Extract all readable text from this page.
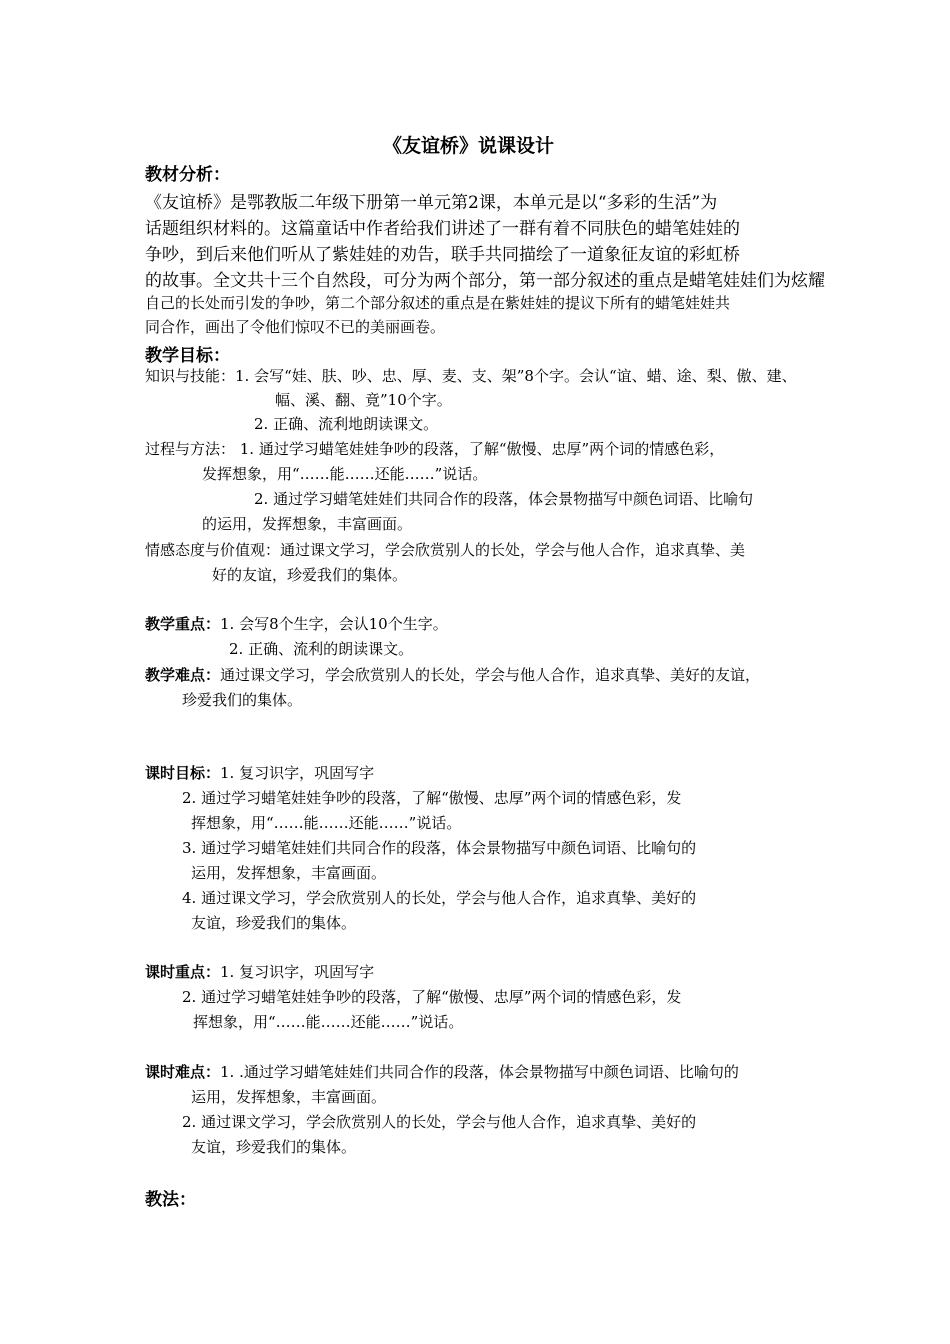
《友谊桥》说课设计
教材分析：
《友谊桥》是鄂教版二年级下册第一单元第2课，本单元是以“多彩的生活”为
话题组织材料的。这篇童话中作者给我们讲述了一群有着不同肤色的蜡笔娃娃的
争吵，到后来他们听从了紫娃娃的劝告，联手共同描绘了一道象征友谊的彩虹桥
的故事。全文共十三个自然段，可分为两个部分，第一部分叙述的重点是蜡笔娃娃们为炫耀
自己的长处而引发的争吵，第二个部分叙述的重点是在紫娃娃的提议下所有的蜡笔娃娃共
同合作，画出了令他们惊叹不已的美丽画卷。
教学目标：
知识与技能：1. 会写“娃、肤、吵、忠、厚、麦、支、架”8个字。会认“谊、蜡、途、梨、傲、建、
幅、溪、翻、竟”10个字。
2. 正确、流利地朗读课文。
过程与方法： 1. 通过学习蜡笔娃娃争吵的段落，了解“傲慢、忠厚”两个词的情感色彩，
发挥想象，用“……能……还能……”说话。
2. 通过学习蜡笔娃娃们共同合作的段落，体会景物描写中颜色词语、比喻句
的运用，发挥想象，丰富画面。
情感态度与价值观：通过课文学习，学会欣赏别人的长处，学会与他人合作，追求真挚、美
好的友谊，珍爱我们的集体。
教学重点：1. 会写8个生字，会认10个生字。
2. 正确、流利的朗读课文。
教学难点：通过课文学习，学会欣赏别人的长处，学会与他人合作，追求真挚、美好的友谊，
珍爱我们的集体。
课时目标：1. 复习识字，巩固写字
2. 通过学习蜡笔娃娃争吵的段落，了解“傲慢、忠厚”两个词的情感色彩，发
挥想象，用“……能……还能……”说话。
3. 通过学习蜡笔娃娃们共同合作的段落，体会景物描写中颜色词语、比喻句的
运用，发挥想象，丰富画面。
4. 通过课文学习，学会欣赏别人的长处，学会与他人合作，追求真挚、美好的
友谊，珍爱我们的集体。
课时重点：1. 复习识字，巩固写字
2. 通过学习蜡笔娃娃争吵的段落，了解“傲慢、忠厚”两个词的情感色彩，发
挥想象，用“……能……还能……”说话。
课时难点：1. .通过学习蜡笔娃娃们共同合作的段落，体会景物描写中颜色词语、比喻句的
运用，发挥想象，丰富画面。
2. 通过课文学习，学会欣赏别人的长处，学会与他人合作，追求真挚、美好的
友谊，珍爱我们的集体。
教法：
